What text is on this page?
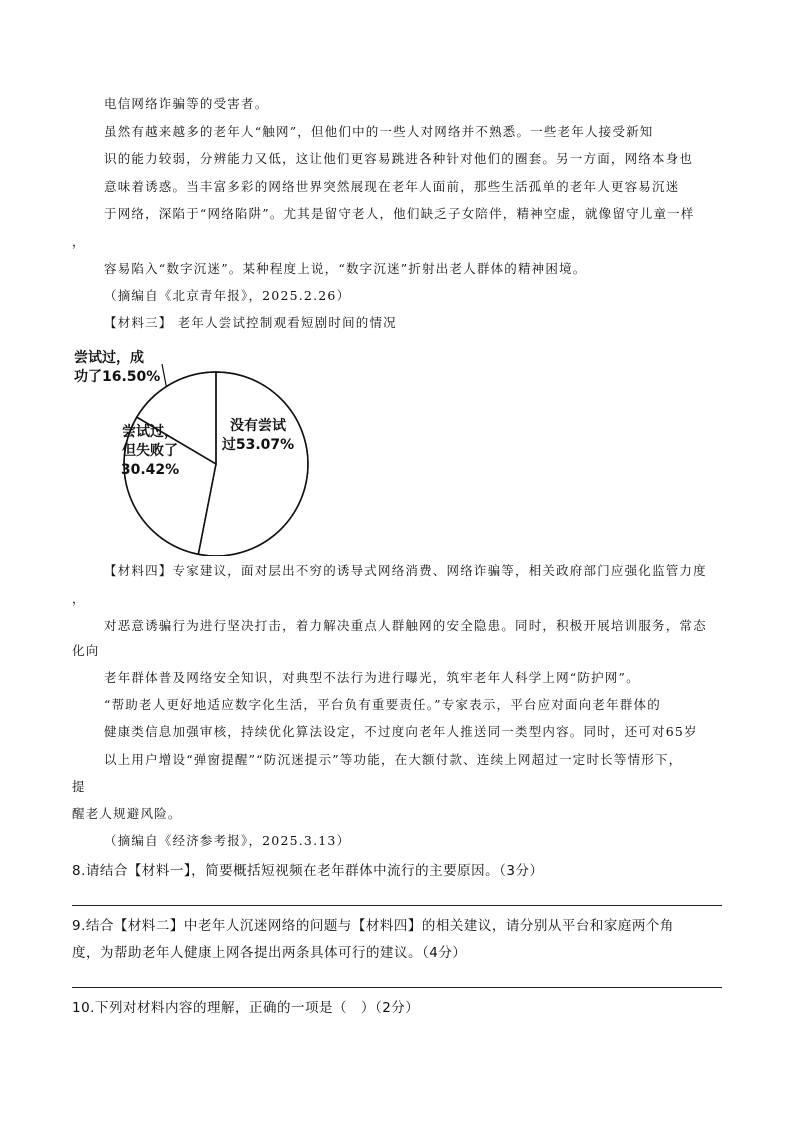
电信网络诈骗等的受害者。
虽然有越来越多的老年人“触网”，但他们中的一些人对网络并不熟悉。一些老年人接受新知
识的能力较弱，分辨能力又低，这让他们更容易跳进各种针对他们的圈套。另一方面，网络本身也
意味着诱惑。当丰富多彩的网络世界突然展现在老年人面前，那些生活孤单的老年人更容易沉迷
于网络，深陷于“网络陷阱”。尤其是留守老人，他们缺乏子女陪伴，精神空虚，就像留守儿童一样
，
容易陷入“数字沉迷”。某种程度上说，“数字沉迷”折射出老人群体的精神困境。
（摘编自《北京青年报》，2025.2.26）
【材料三】 老年人尝试控制观看短剧时间的情况
没有尝试
过53.07%
尝试过，
但失败了
30.42%
尝试过，成
功了16.50%
【材料四】专家建议，面对层出不穷的诱导式网络消费、网络诈骗等，相关政府部门应强化监管力度
，
对恶意诱骗行为进行坚决打击，着力解决重点人群触网的安全隐患。同时，积极开展培训服务，常态
化向
老年群体普及网络安全知识，对典型不法行为进行曝光，筑牢老年人科学上网“防护网”。
“帮助老人更好地适应数字化生活，平台负有重要责任。”专家表示，平台应对面向老年群体的
健康类信息加强审核，持续优化算法设定，不过度向老年人推送同一类型内容。同时，还可对65岁
以上用户增设“弹窗提醒”“防沉迷提示”等功能，在大额付款、连续上网超过一定时长等情形下，
提
醒老人规避风险。
（摘编自《经济参考报》，2025.3.13）
8.请结合【材料一】，简要概括短视频在老年群体中流行的主要原因。（3分）
9.结合【材料二】中老年人沉迷网络的问题与【材料四】的相关建议，请分别从平台和家庭两个角
度，为帮助老年人健康上网各提出两条具体可行的建议。（4分）
10.下列对材料内容的理解，正确的一项是（　）（2分）
